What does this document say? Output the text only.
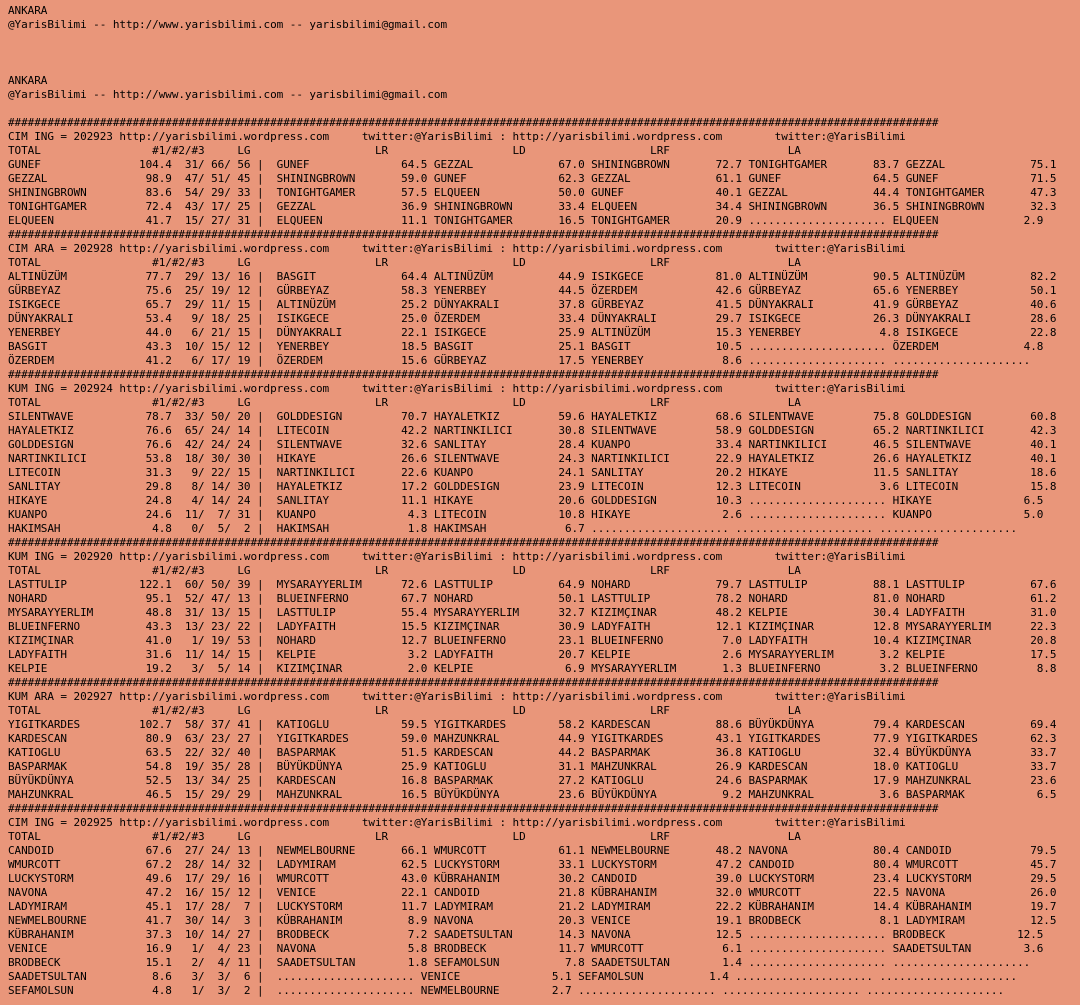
ANKARA
@YarisBilimi -- http://www.yarisbilimi.com -- yarisbilimi@gmail.com

ANKARA
@YarisBilimi -- http://www.yarisbilimi.com -- yarisbilimi@gmail.com

##############################################################################################################################################
CIM ING = 202923 http://yarisbilimi.wordpress.com     twitter:@YarisBilimi : http://yarisbilimi.wordpress.com        twitter:@YarisBilimi
TOTAL                 #1/#2/#3     LG                   LR                   LD                   LRF                  LA
GUNEF               104.4  31/ 66/ 56 |  GUNEF              64.5 GEZZAL             67.0 SHININGBROWN       72.7 TONIGHTGAMER       83.7 GEZZAL             75.1
GEZZAL               98.9  47/ 51/ 45 |  SHININGBROWN       59.0 GUNEF              62.3 GEZZAL             61.1 GUNEF              64.5 GUNEF              71.5
SHININGBROWN         83.6  54/ 29/ 33 |  TONIGHTGAMER       57.5 ELQUEEN            50.0 GUNEF              40.1 GEZZAL             44.4 TONIGHTGAMER       47.3
TONIGHTGAMER         72.4  43/ 17/ 25 |  GEZZAL             36.9 SHININGBROWN       33.4 ELQUEEN            34.4 SHININGBROWN       36.5 SHININGBROWN       32.3
ELQUEEN              41.7  15/ 27/ 31 |  ELQUEEN            11.1 TONIGHTGAMER       16.5 TONIGHTGAMER       20.9 ..................... ELQUEEN             2.9
##############################################################################################################################################
CIM ARA = 202928 http://yarisbilimi.wordpress.com     twitter:@YarisBilimi : http://yarisbilimi.wordpress.com        twitter:@YarisBilimi
TOTAL                 #1/#2/#3     LG                   LR                   LD                   LRF                  LA
ALTINÜZÜM            77.7  29/ 13/ 16 |  BASGIT             64.4 ALTINÜZÜM          44.9 ISIKGECE           81.0 ALTINÜZÜM          90.5 ALTINÜZÜM          82.2
GÜRBEYAZ             75.6  25/ 19/ 12 |  GÜRBEYAZ           58.3 YENERBEY           44.5 ÖZERDEM            42.6 GÜRBEYAZ           65.6 YENERBEY           50.1
ISIKGECE             65.7  29/ 11/ 15 |  ALTINÜZÜM          25.2 DÜNYAKRALI         37.8 GÜRBEYAZ           41.5 DÜNYAKRALI         41.9 GÜRBEYAZ           40.6
DÜNYAKRALI           53.4   9/ 18/ 25 |  ISIKGECE           25.0 ÖZERDEM            33.4 DÜNYAKRALI         29.7 ISIKGECE           26.3 DÜNYAKRALI         28.6
YENERBEY             44.0   6/ 21/ 15 |  DÜNYAKRALI         22.1 ISIKGECE           25.9 ALTINÜZÜM          15.3 YENERBEY            4.8 ISIKGECE           22.8
BASGIT               43.3  10/ 15/ 12 |  YENERBEY           18.5 BASGIT             25.1 BASGIT             10.5 ..................... ÖZERDEM             4.8
ÖZERDEM              41.2   6/ 17/ 19 |  ÖZERDEM            15.6 GÜRBEYAZ           17.5 YENERBEY            8.6 ..................... .....................
##############################################################################################################################################
KUM ING = 202924 http://yarisbilimi.wordpress.com     twitter:@YarisBilimi : http://yarisbilimi.wordpress.com        twitter:@YarisBilimi
TOTAL                 #1/#2/#3     LG                   LR                   LD                   LRF                  LA
SILENTWAVE           78.7  33/ 50/ 20 |  GOLDDESIGN         70.7 HAYALETKIZ         59.6 HAYALETKIZ         68.6 SILENTWAVE         75.8 GOLDDESIGN         60.8
HAYALETKIZ           76.6  65/ 24/ 14 |  LITECOIN           42.2 NARTINKILICI       30.8 SILENTWAVE         58.9 GOLDDESIGN         65.2 NARTINKILICI       42.3
GOLDDESIGN           76.6  42/ 24/ 24 |  SILENTWAVE         32.6 SANLITAY           28.4 KUANPO             33.4 NARTINKILICI       46.5 SILENTWAVE         40.1
NARTINKILICI         53.8  18/ 30/ 30 |  HIKAYE             26.6 SILENTWAVE         24.3 NARTINKILICI       22.9 HAYALETKIZ         26.6 HAYALETKIZ         40.1
LITECOIN             31.3   9/ 22/ 15 |  NARTINKILICI       22.6 KUANPO             24.1 SANLITAY           20.2 HIKAYE             11.5 SANLITAY           18.6
SANLITAY             29.8   8/ 14/ 30 |  HAYALETKIZ         17.2 GOLDDESIGN         23.9 LITECOIN           12.3 LITECOIN            3.6 LITECOIN           15.8
HIKAYE               24.8   4/ 14/ 24 |  SANLITAY           11.1 HIKAYE             20.6 GOLDDESIGN         10.3 ..................... HIKAYE              6.5
KUANPO               24.6  11/  7/ 31 |  KUANPO              4.3 LITECOIN           10.8 HIKAYE              2.6 ..................... KUANPO              5.0
HAKIMSAH              4.8   0/  5/  2 |  HAKIMSAH            1.8 HAKIMSAH            6.7 ..................... ..................... .....................
##############################################################################################################################################
KUM ING = 202920 http://yarisbilimi.wordpress.com     twitter:@YarisBilimi : http://yarisbilimi.wordpress.com        twitter:@YarisBilimi
TOTAL                 #1/#2/#3     LG                   LR                   LD                   LRF                  LA
LASTTULIP           122.1  60/ 50/ 39 |  MYSARAYYERLIM      72.6 LASTTULIP          64.9 NOHARD             79.7 LASTTULIP          88.1 LASTTULIP          67.6
NOHARD               95.1  52/ 47/ 13 |  BLUEINFERNO        67.7 NOHARD             50.1 LASTTULIP          78.2 NOHARD             81.0 NOHARD             61.2
MYSARAYYERLIM        48.8  31/ 13/ 15 |  LASTTULIP          55.4 MYSARAYYERLIM      32.7 KIZIMÇINAR         48.2 KELPIE             30.4 LADYFAITH          31.0
BLUEINFERNO          43.3  13/ 23/ 22 |  LADYFAITH          15.5 KIZIMÇINAR         30.9 LADYFAITH          12.1 KIZIMÇINAR         12.8 MYSARAYYERLIM      22.3
KIZIMÇINAR           41.0   1/ 19/ 53 |  NOHARD             12.7 BLUEINFERNO        23.1 BLUEINFERNO         7.0 LADYFAITH          10.4 KIZIMÇINAR         20.8
LADYFAITH            31.6  11/ 14/ 15 |  KELPIE              3.2 LADYFAITH          20.7 KELPIE              2.6 MYSARAYYERLIM       3.2 KELPIE             17.5
KELPIE               19.2   3/  5/ 14 |  KIZIMÇINAR          2.0 KELPIE              6.9 MYSARAYYERLIM       1.3 BLUEINFERNO         3.2 BLUEINFERNO         8.8
##############################################################################################################################################
KUM ARA = 202927 http://yarisbilimi.wordpress.com     twitter:@YarisBilimi : http://yarisbilimi.wordpress.com        twitter:@YarisBilimi
TOTAL                 #1/#2/#3     LG                   LR                   LD                   LRF                  LA
YIGITKARDES         102.7  58/ 37/ 41 |  KATIOGLU           59.5 YIGITKARDES        58.2 KARDESCAN          88.6 BÜYÜKDÜNYA         79.4 KARDESCAN          69.4
KARDESCAN            80.9  63/ 23/ 27 |  YIGITKARDES        59.0 MAHZUNKRAL         44.9 YIGITKARDES        43.1 YIGITKARDES        77.9 YIGITKARDES        62.3
KATIOGLU             63.5  22/ 32/ 40 |  BASPARMAK          51.5 KARDESCAN          44.2 BASPARMAK          36.8 KATIOGLU           32.4 BÜYÜKDÜNYA         33.7
BASPARMAK            54.8  19/ 35/ 28 |  BÜYÜKDÜNYA         25.9 KATIOGLU           31.1 MAHZUNKRAL         26.9 KARDESCAN          18.0 KATIOGLU           33.7
BÜYÜKDÜNYA           52.5  13/ 34/ 25 |  KARDESCAN          16.8 BASPARMAK          27.2 KATIOGLU           24.6 BASPARMAK          17.9 MAHZUNKRAL         23.6
MAHZUNKRAL           46.5  15/ 29/ 29 |  MAHZUNKRAL         16.5 BÜYÜKDÜNYA         23.6 BÜYÜKDÜNYA          9.2 MAHZUNKRAL          3.6 BASPARMAK           6.5
##############################################################################################################################################
CIM ING = 202925 http://yarisbilimi.wordpress.com     twitter:@YarisBilimi : http://yarisbilimi.wordpress.com        twitter:@YarisBilimi
TOTAL                 #1/#2/#3     LG                   LR                   LD                   LRF                  LA
CANDOID              67.6  27/ 24/ 13 |  NEWMELBOURNE       66.1 WMURCOTT           61.1 NEWMELBOURNE       48.2 NAVONA             80.4 CANDOID            79.5
WMURCOTT             67.2  28/ 14/ 32 |  LADYMIRAM          62.5 LUCKYSTORM         33.1 LUCKYSTORM         47.2 CANDOID            80.4 WMURCOTT           45.7
LUCKYSTORM           49.6  17/ 29/ 16 |  WMURCOTT           43.0 KÜBRAHANIM         30.2 CANDOID            39.0 LUCKYSTORM         23.4 LUCKYSTORM         29.5
NAVONA               47.2  16/ 15/ 12 |  VENICE             22.1 CANDOID            21.8 KÜBRAHANIM         32.0 WMURCOTT           22.5 NAVONA             26.0
LADYMIRAM            45.1  17/ 28/  7 |  LUCKYSTORM         11.7 LADYMIRAM          21.2 LADYMIRAM          22.2 KÜBRAHANIM         14.4 KÜBRAHANIM         19.7
NEWMELBOURNE         41.7  30/ 14/  3 |  KÜBRAHANIM          8.9 NAVONA             20.3 VENICE             19.1 BRODBECK            8.1 LADYMIRAM          12.5
KÜBRAHANIM           37.3  10/ 14/ 27 |  BRODBECK            7.2 SAADETSULTAN       14.3 NAVONA             12.5 ..................... BRODBECK           12.5
VENICE               16.9   1/  4/ 23 |  NAVONA              5.8 BRODBECK           11.7 WMURCOTT            6.1 ..................... SAADETSULTAN        3.6
BRODBECK             15.1   2/  4/ 11 |  SAADETSULTAN        1.8 SEFAMOLSUN          7.8 SAADETSULTAN        1.4 ..................... .....................
SAADETSULTAN          8.6   3/  3/  6 |  ..................... VENICE              5.1 SEFAMOLSUN          1.4 ..................... .....................
SEFAMOLSUN            4.8   1/  3/  2 |  ..................... NEWMELBOURNE        2.7 ..................... ..................... .....................
